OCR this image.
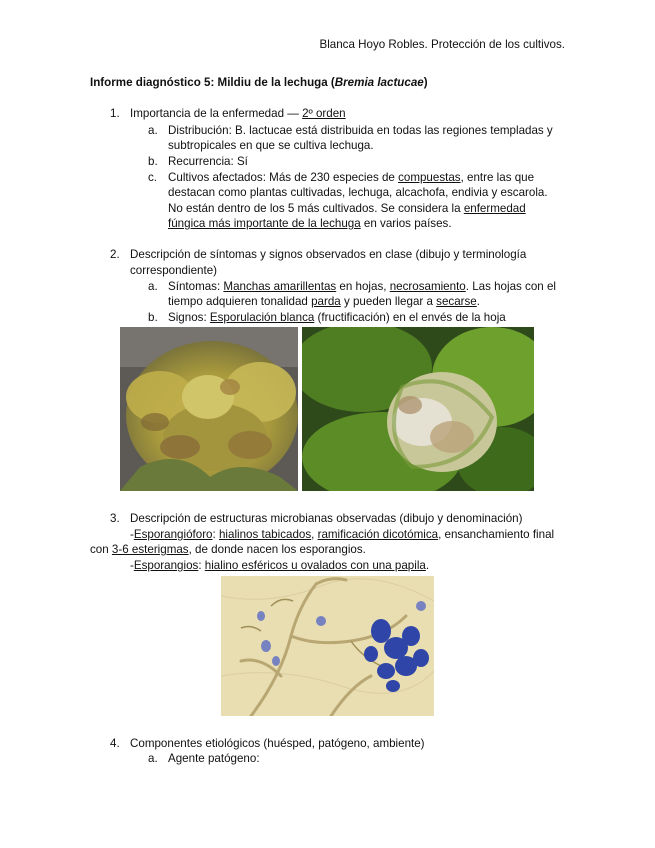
Blanca Hoyo Robles. Protección de los cultivos.
Informe diagnóstico 5: Mildiu de la lechuga (Bremia lactucae)
1. Importancia de la enfermedad — 2º orden
a. Distribución: B. lactucae está distribuida en todas las regiones templadas y
subtropicales en que se cultiva lechuga.
b. Recurrencia: Sí
c. Cultivos afectados: Más de 230 especies de compuestas, entre las que
destacan como plantas cultivadas, lechuga, alcachofa, endivia y escarola.
No están dentro de los 5 más cultivados. Se considera la enfermedad
fúngica más importante de la lechuga en varios países.
2. Descripción de síntomas y signos observados en clase (dibujo y terminología
correspondiente)
a. Síntomas: Manchas amarillentas en hojas, necrosamiento. Las hojas con el
tiempo adquieren tonalidad parda y pueden llegar a secarse.
b. Signos: Esporulación blanca (fructificación) en el envés de la hoja
3. Descripción de estructuras microbianas observadas (dibujo y denominación)
-Esporangióforo: hialinos tabicados, ramificación dicotómica, ensanchamiento final
con 3-6 esterigmas, de donde nacen los esporangios.
-Esporangios: hialino esféricos u ovalados con una papila.
4. Componentes etiológicos (huésped, patógeno, ambiente)
a. Agente patógeno:
